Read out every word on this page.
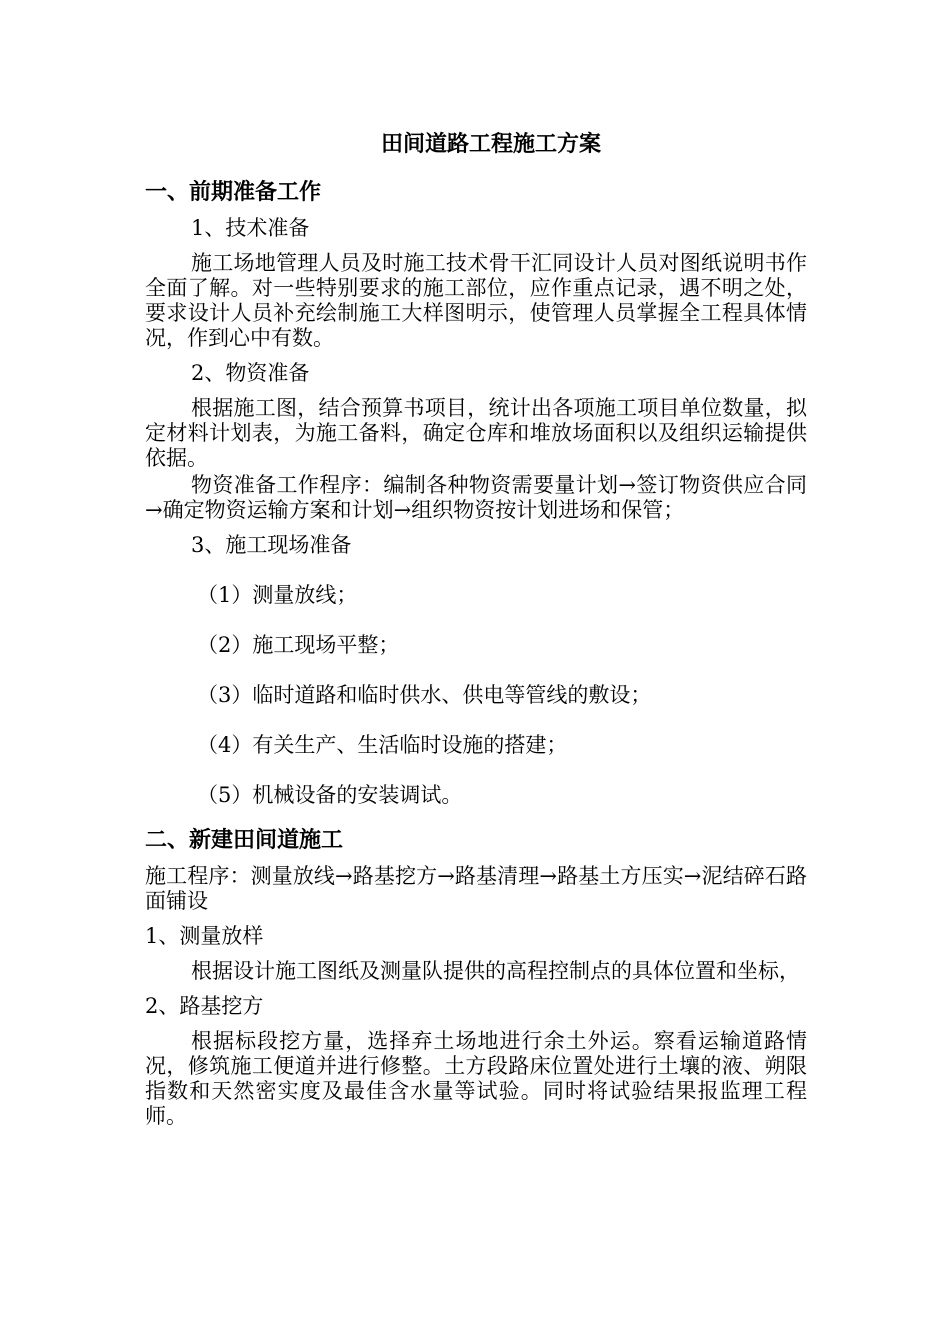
田间道路工程施工方案
一、前期准备工作
1、技术准备

施工场地管理人员及时施工技术骨干汇同设计人员对图纸说明书作全面了解。对一些特别要求的施工部位，应作重点记录，遇不明之处，要求设计人员补充绘制施工大样图明示，使管理人员掌握全工程具体情况，作到心中有数。

2、物资准备

根据施工图，结合预算书项目，统计出各项施工项目单位数量，拟定材料计划表，为施工备料，确定仓库和堆放场面积以及组织运输提供依据。

物资准备工作程序：编制各种物资需要量计划→签订物资供应合同→确定物资运输方案和计划→组织物资按计划进场和保管；

3、施工现场准备
（1）测量放线；
（2）施工现场平整；
（3）临时道路和临时供水、供电等管线的敷设；
（4）有关生产、生活临时设施的搭建；
（5）机械设备的安装调试。
二、新建田间道施工

施工程序：测量放线→路基挖方→路基清理→路基土方压实→泥结碎石路面铺设

1、测量放样

根据设计施工图纸及测量队提供的高程控制点的具体位置和坐标，

2、路基挖方

根据标段挖方量，选择弃土场地进行余土外运。察看运输道路情况，修筑施工便道并进行修整。土方段路床位置处进行土壤的液、朔限指数和天然密实度及最佳含水量等试验。同时将试验结果报监理工程师。
